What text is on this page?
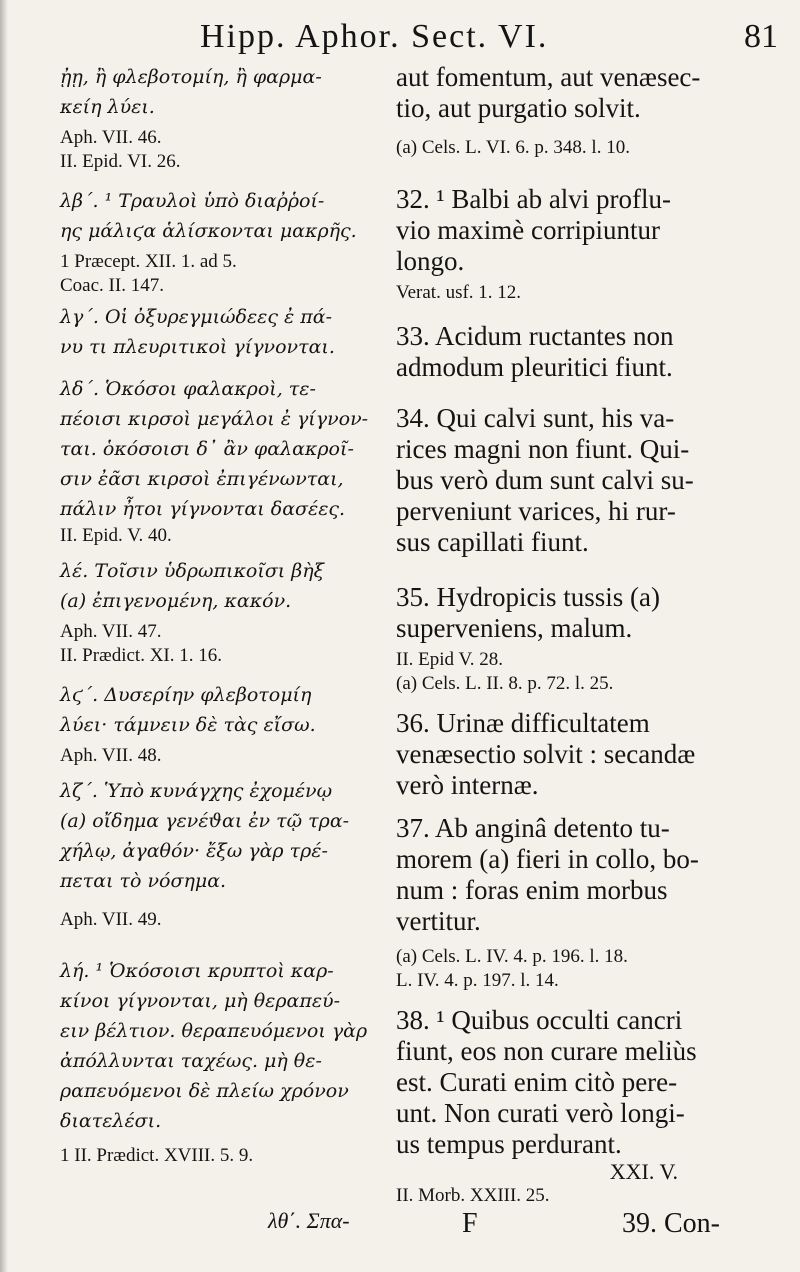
Hipp. Aphor. Sect. VI.	81

ᾐῃ, ἢ φλεβοτομίη, ἢ φαρμα-
κείη λύει.

Aph. VII. 46.
II. Epid. VI. 26.

λβ΄. ¹ Τραυλοὶ ὑπὸ διαῤῥοί-
ης μάλιϛα ἁλίσκονται μακρῆς.

1 Præcept. XII. 1. ad 5.
Coac. II. 147.

λγ΄. Οἱ ὀξυρεγμιώδεες ἐ πά-
νυ τι πλευριτικοὶ γίγνονται.

λδ΄. Ὁκόσοι φαλακροὶ, τε-
πέοισι κιρσοὶ μεγάλοι ἐ γίγνον-
ται. ὁκόσοισι δ᾽ ἂν φαλακροῖ-
σιν ἐᾶσι κιρσοὶ ἐπιγένωνται,
πάλιν ἦτοι γίγνονται δασέες.

II. Epid. V. 40.

λέ. Τοῖσιν ὑδρωπικοῖσι βὴξ
(a) ἐπιγενομένη, κακόν.

Aph. VII. 47.
II. Prædict. XI. 1. 16.

λϛ΄. Δυσερίην φλεβοτομίη
λύει· τάμνειν δὲ τὰς εἴσω.

Aph. VII. 48.

λζ΄. Ὑπὸ κυνάγχης ἐχομένῳ
(a) οἴδημα γενέϑαι ἐν τῷ τρα-
χήλῳ, ἀγαθόν· ἔξω γὰρ τρέ-
πεται τὸ νόσημα.

Aph. VII. 49.

λή. ¹ Ὁκόσοισι κρυπτοὶ καρ-
κίνοι γίγνονται, μὴ θεραπεύ-
ειν βέλτιον. θεραπευόμενοι γὰρ
ἀπόλλυνται ταχέως. μὴ θε-
ραπευόμενοι δὲ πλείω χρόνον
διατελέσι.

1 II. Prædict. XVIII. 5. 9.

aut fomentum, aut venæsec-
tio, aut purgatio solvit.

(a) Cels. L. VI. 6. p. 348. l. 10.

32. ¹ Balbi ab alvi proflu-
vio maximè corripiuntur
longo.

Verat. usf. 1. 12.

33. Acidum ructantes non
admodum pleuritici fiunt.

34. Qui calvi sunt, his va-
rices magni non fiunt. Qui-
bus verò dum sunt calvi su-
perveniunt varices, hi rur-
sus capillati fiunt.

35. Hydropicis tussis (a)
superveniens, malum.

II. Epid V. 28.
(a) Cels. L. II. 8. p. 72. l. 25.

36. Urinæ difficultatem
venæsectio solvit : secandæ
verò internæ.

37. Ab anginâ detento tu-
morem (a) fieri in collo, bo-
num : foras enim morbus
vertitur.

(a) Cels. L. IV. 4. p. 196. l. 18.
L. IV. 4. p. 197. l. 14.

38. ¹ Quibus occulti cancri
fiunt, eos non curare meliùs
est. Curati enim citò pere-
unt. Non curati verò longi-
us tempus perdurant.

XXI. V.

II. Morb. XXIII. 25.

λθ΄. Σπα-	F	39. Con-
